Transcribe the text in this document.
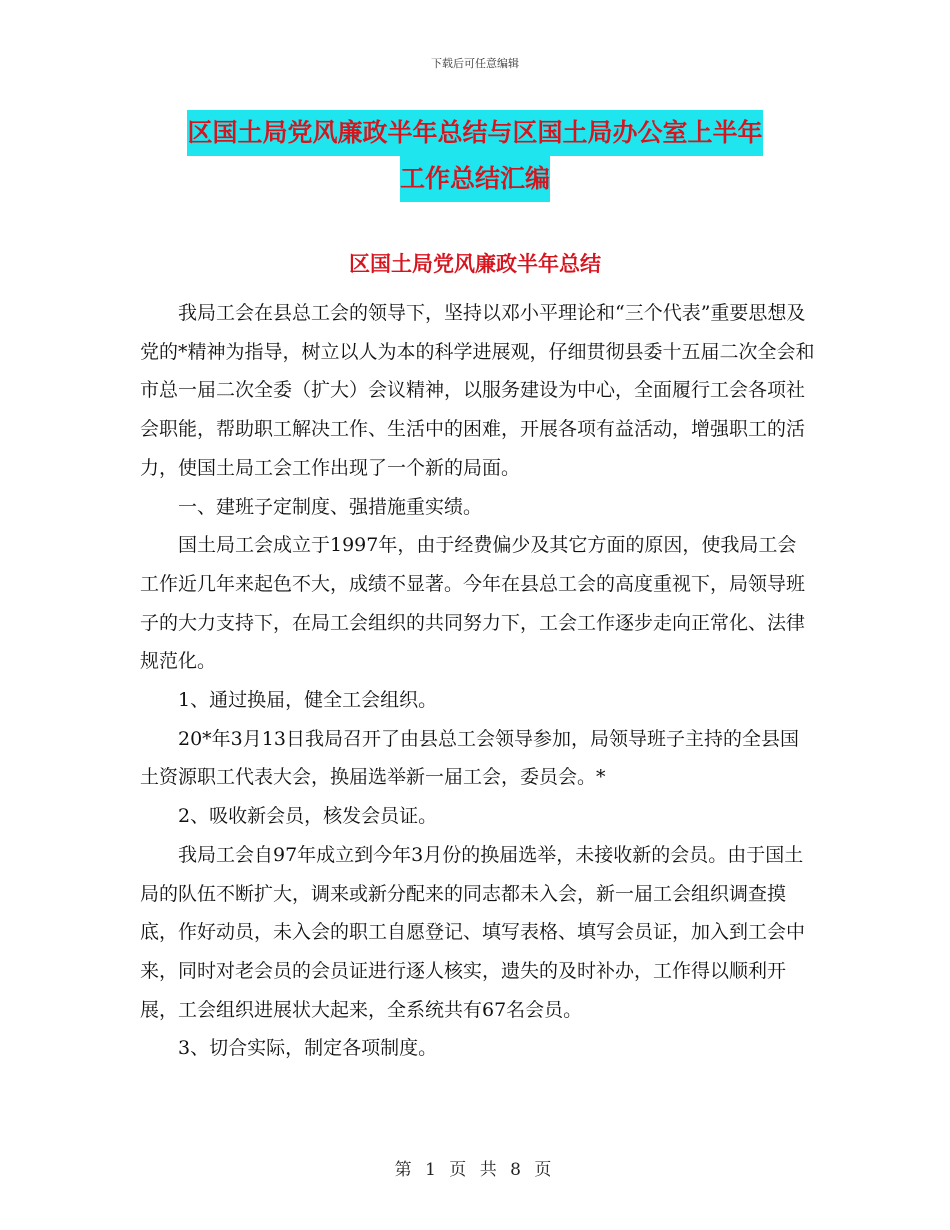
下载后可任意编辑
区国土局党风廉政半年总结与区国土局办公室上半年
工作总结汇编
区国土局党风廉政半年总结

我局工会在县总工会的领导下，坚持以邓小平理论和“三个代表”重要思想及党的*精神为指导，树立以人为本的科学进展观，仔细贯彻县委十五届二次全会和市总一届二次全委（扩大）会议精神，以服务建设为中心，全面履行工会各项社会职能，帮助职工解决工作、生活中的困难，开展各项有益活动，增强职工的活力，使国土局工会工作出现了一个新的局面。

一、建班子定制度、强措施重实绩。

国土局工会成立于1997年，由于经费偏少及其它方面的原因，使我局工会工作近几年来起色不大，成绩不显著。今年在县总工会的高度重视下，局领导班子的大力支持下，在局工会组织的共同努力下，工会工作逐步走向正常化、法律规范化。

1、通过换届，健全工会组织。

20*年3月13日我局召开了由县总工会领导参加，局领导班子主持的全县国土资源职工代表大会，换届选举新一届工会，委员会。*

2、吸收新会员，核发会员证。

我局工会自97年成立到今年3月份的换届选举，未接收新的会员。由于国土局的队伍不断扩大，调来或新分配来的同志都未入会，新一届工会组织调查摸底，作好动员，未入会的职工自愿登记、填写表格、填写会员证，加入到工会中来，同时对老会员的会员证进行逐人核实，遗失的及时补办，工作得以顺利开展，工会组织进展状大起来，全系统共有67名会员。

3、切合实际，制定各项制度。

第 1 页 共 8 页
